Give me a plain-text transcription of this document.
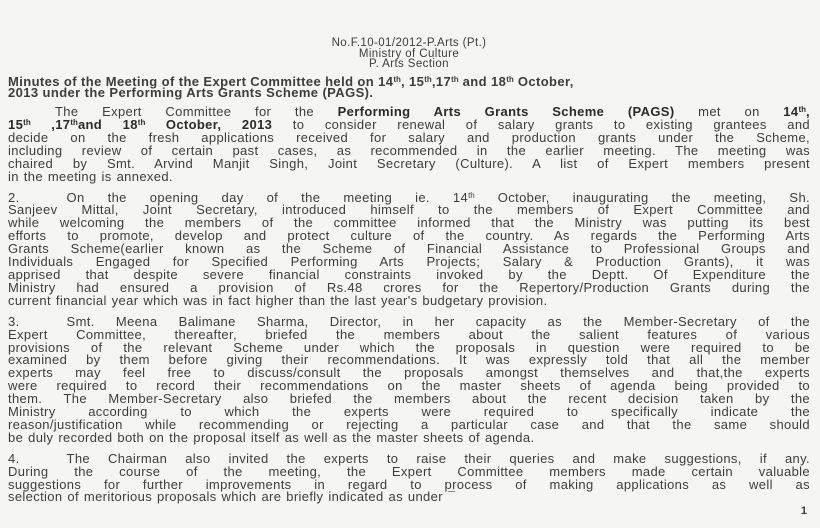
No.F.10-01/2012-P.Arts (Pt.)
Ministry of Culture
P. Arts Section
Minutes of the Meeting of the Expert Committee held on 14th, 15th,17th and 18th October,
2013 under the Performing Arts Grants Scheme (PAGS).
The Expert Committee for the Performing Arts Grants Scheme (PAGS) met on 14th,
15th ,17thand 18th October, 2013 to consider renewal of salary grants to existing grantees and
decide on the fresh applications received for salary and production grants under the Scheme,
including review of certain past cases, as recommended in the earlier meeting. The meeting was
chaired by Smt. Arvind Manjit Singh, Joint Secretary (Culture). A list of Expert members present
in the meeting is annexed.
2.	On the opening day of the meeting ie. 14th October, inaugurating the meeting, Sh.
Sanjeev Mittal, Joint Secretary, introduced himself to the members of Expert Committee and
while welcoming the members of the committee informed that the Ministry was putting its best
efforts to promote, develop and protect culture of the country. As regards the Performing Arts
Grants Scheme(earlier known as the Scheme of Financial Assistance to Professional Groups and
Individuals Engaged for Specified Performing Arts Projects; Salary & Production Grants), it was
apprised that despite severe financial constraints invoked by the Deptt. Of Expenditure the
Ministry had ensured a provision of Rs.48 crores for the Repertory/Production Grants during the
current financial year which was in fact higher than the last year's budgetary provision.
3.	Smt. Meena Balimane Sharma, Director, in her capacity as the Member-Secretary of the
Expert Committee, thereafter, briefed the members about the salient features of various
provisions of the relevant Scheme under which the proposals in question were required to be
examined by them before giving their recommendations. It was expressly told that all the member
experts may feel free to discuss/consult the proposals amongst themselves and that,the experts
were required to record their recommendations on the master sheets of agenda being provided to
them. The Member-Secretary also briefed the members about the recent decision taken by the
Ministry according to which the experts were required to specifically indicate the
reason/justification while recommending or rejecting a particular case and that the same should
be duly recorded both on the proposal itself as well as the master sheets of agenda.
4.	The Chairman also invited the experts to raise their queries and make suggestions, if any.
During the course of the meeting, the Expert Committee members made certain valuable
suggestions for further improvements in regard to process of making applications as well as
selection of meritorious proposals which are briefly indicated as under ¯
1
